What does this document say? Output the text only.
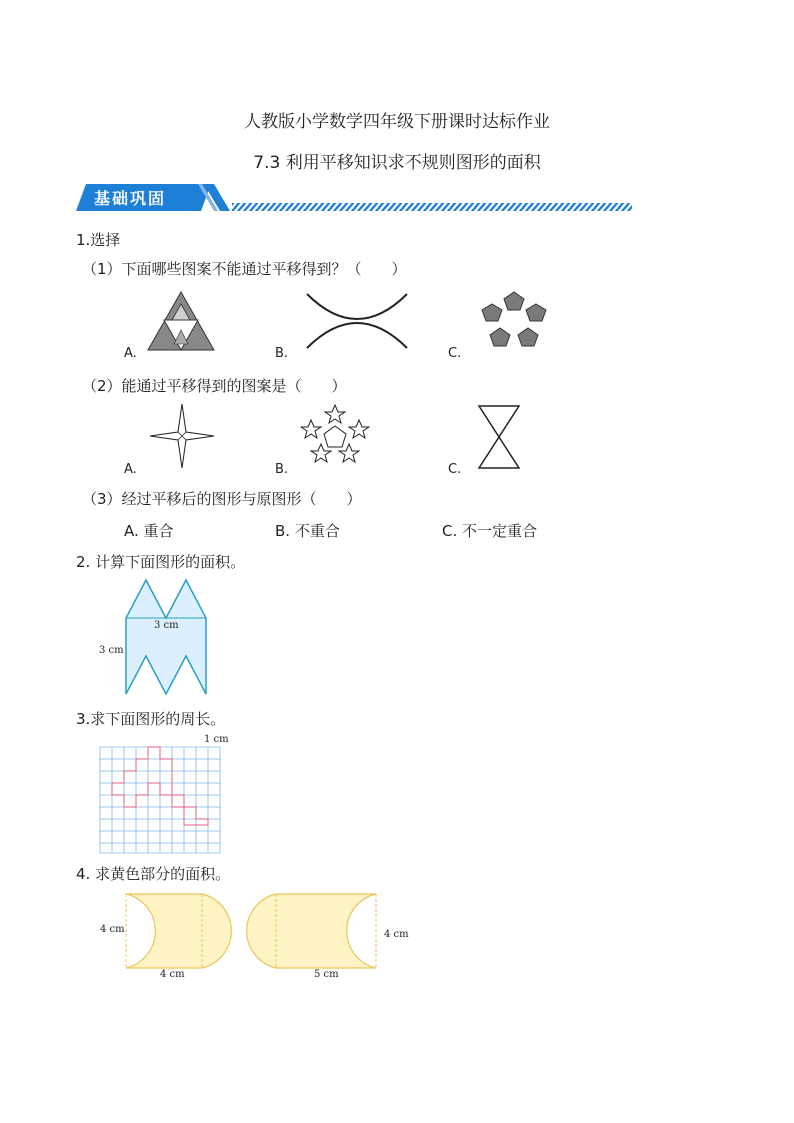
人教版小学数学四年级下册课时达标作业
7.3 利用平移知识求不规则图形的面积
基础巩固
1.选择
（1）下面哪些图案不能通过平移得到？（　　）
A.	B.	C.
（2）能通过平移得到的图案是（　　）
A.	B.	C.
（3）经过平移后的图形与原图形（　　）
A. 重合	B. 不重合	C. 不一定重合
2. 计算下面图形的面积。
3 cm
3 cm
3.求下面图形的周长。
1 cm
4. 求黄色部分的面积。
4 cm
4 cm	5 cm
4 cm
